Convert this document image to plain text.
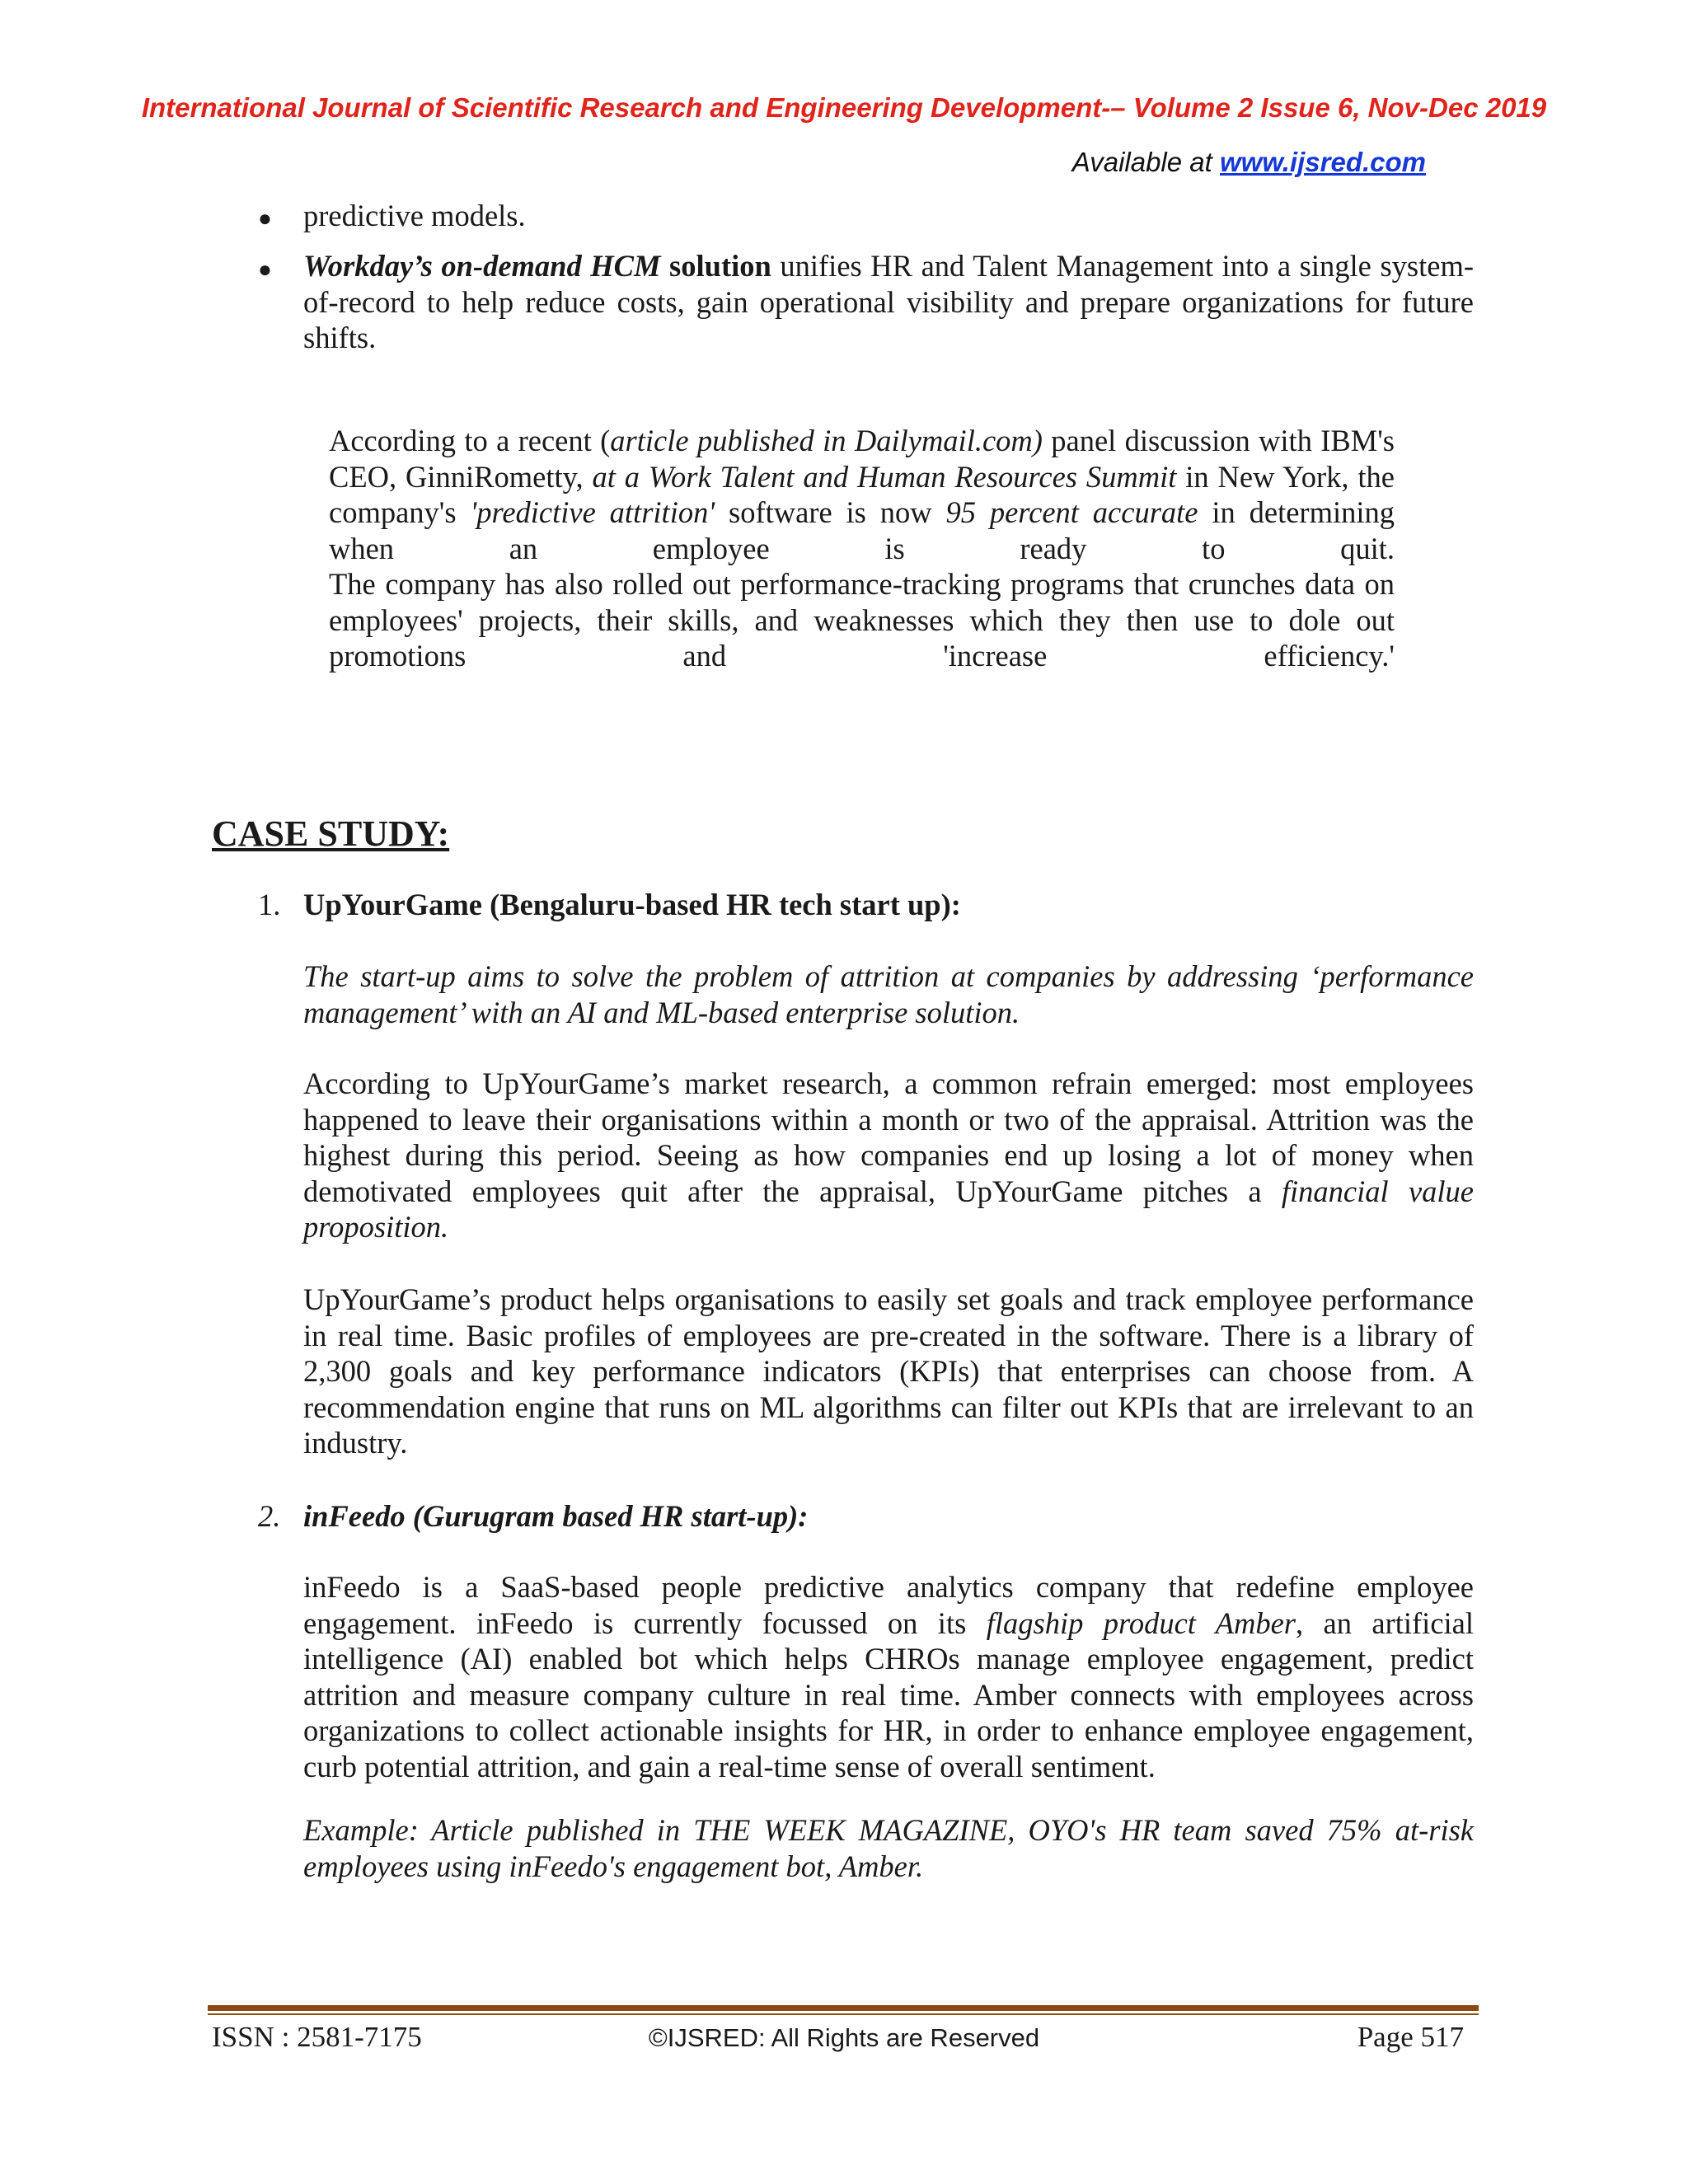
International Journal of Scientific Research and Engineering Development-– Volume 2 Issue 6, Nov-Dec 2019
Available at www.ijsred.com
● predictive models.
● Workday’s on-demand HCM solution unifies HR and Talent Management into a single system-of-record to help reduce costs, gain operational visibility and prepare organizations for future shifts.
According to a recent (article published in Dailymail.com) panel discussion with IBM's CEO, GinniRometty, at a Work Talent and Human Resources Summit in New York, the company's 'predictive attrition' software is now 95 percent accurate in determining when an employee is ready to quit.
The company has also rolled out performance-tracking programs that crunches data on employees' projects, their skills, and weaknesses which they then use to dole out promotions and 'increase efficiency.'
CASE STUDY:
1. UpYourGame (Bengaluru-based HR tech start up):
The start-up aims to solve the problem of attrition at companies by addressing ‘performance management’ with an AI and ML-based enterprise solution.
According to UpYourGame’s market research, a common refrain emerged: most employees happened to leave their organisations within a month or two of the appraisal. Attrition was the highest during this period. Seeing as how companies end up losing a lot of money when demotivated employees quit after the appraisal, UpYourGame pitches a financial value proposition.
UpYourGame’s product helps organisations to easily set goals and track employee performance in real time. Basic profiles of employees are pre-created in the software. There is a library of 2,300 goals and key performance indicators (KPIs) that enterprises can choose from. A recommendation engine that runs on ML algorithms can filter out KPIs that are irrelevant to an industry.
2. inFeedo (Gurugram based HR start-up):
inFeedo is a SaaS-based people predictive analytics company that redefine employee engagement. inFeedo is currently focussed on its flagship product Amber, an artificial intelligence (AI) enabled bot which helps CHROs manage employee engagement, predict attrition and measure company culture in real time. Amber connects with employees across organizations to collect actionable insights for HR, in order to enhance employee engagement, curb potential attrition, and gain a real-time sense of overall sentiment.
Example: Article published in THE WEEK MAGAZINE, OYO's HR team saved 75% at-risk employees using inFeedo's engagement bot, Amber.
ISSN : 2581-7175	©IJSRED: All Rights are Reserved	Page 517
